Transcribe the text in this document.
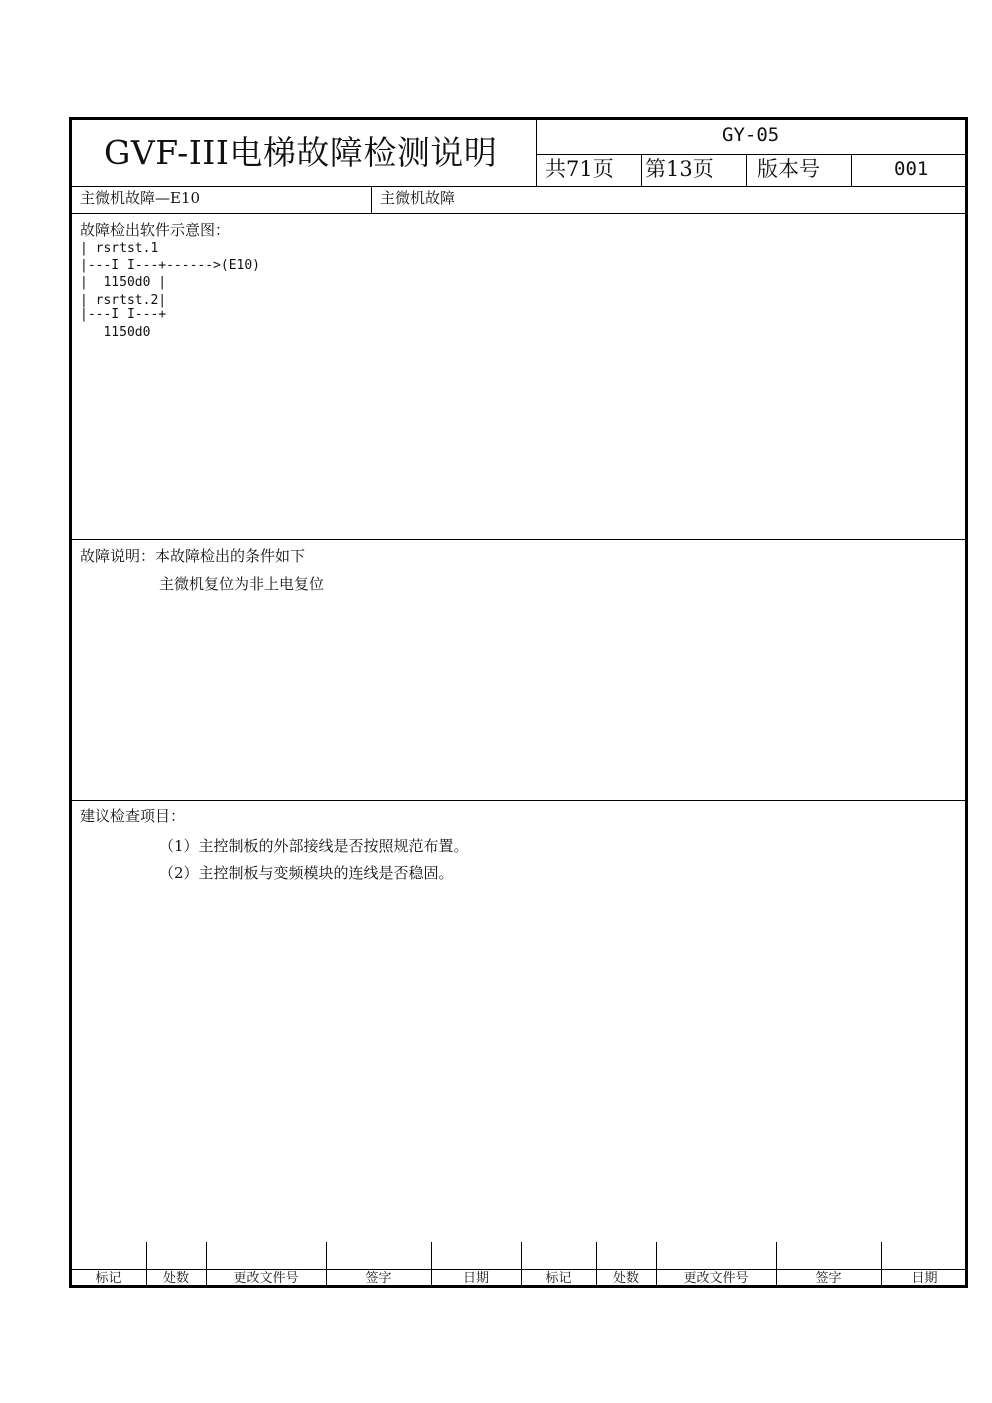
GVF-III电梯故障检测说明	GY-05
共71页 第13页 版本号	001
主微机故障—E10	主微机故障
故障检出软件示意图：
| rsrtst.1
|---I I---+------>(E10)
|  1150d0 |
| rsrtst.2|
|---I I---+
1150d0
故障说明：本故障检出的条件如下
主微机复位为非上电复位
建议检查项目：
（1）主控制板的外部接线是否按照规范布置。
（2）主控制板与变频模块的连线是否稳固。
标记	处数	更改文件号	签字	日期	标记	处数	更改文件号	签字	日期
